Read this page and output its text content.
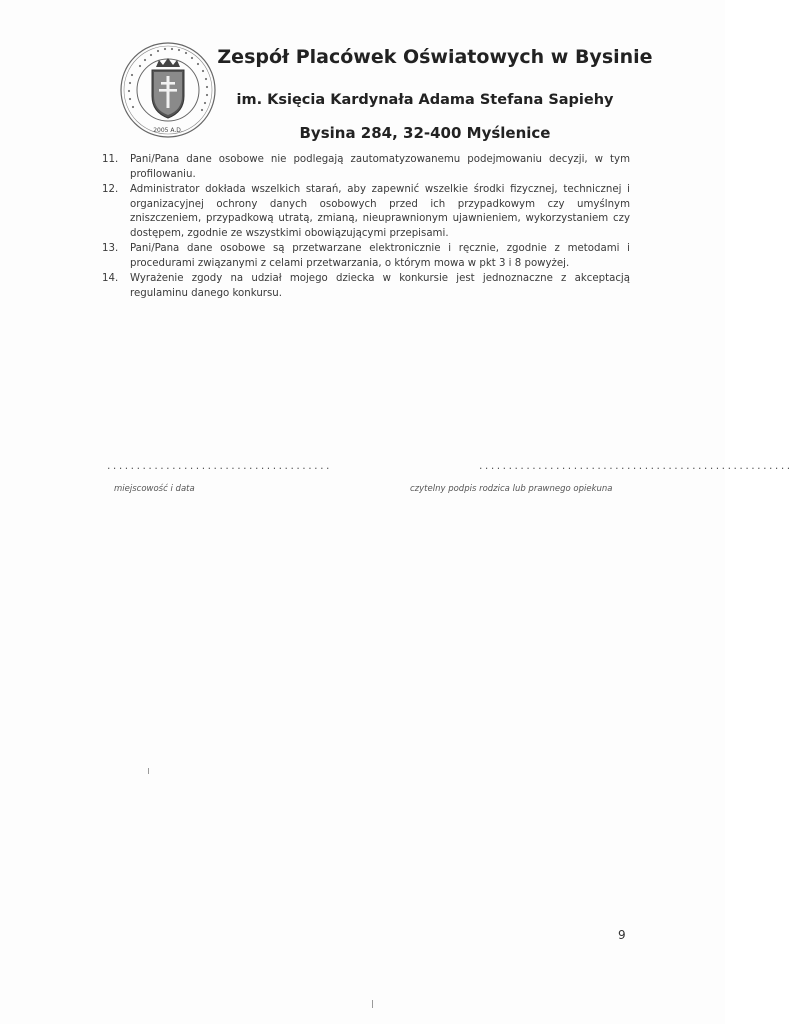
2005 A.D.
Zespół Placówek Oświatowych w Bysinie
im. Księcia Kardynała Adama Stefana Sapiehy
Bysina 284, 32-400 Myślenice
11.	Pani/Pana dane osobowe nie podlegają zautomatyzowanemu podejmowaniu decyzji, w tym profilowaniu.
12.	Administrator dokłada wszelkich starań, aby zapewnić wszelkie środki fizycznej, technicznej i organizacyjnej ochrony danych osobowych przed ich przypadkowym czy umyślnym zniszczeniem, przypadkową utratą, zmianą, nieuprawnionym ujawnieniem, wykorzystaniem czy dostępem, zgodnie ze wszystkimi obowiązującymi przepisami.
13.	Pani/Pana dane osobowe są przetwarzane elektronicznie i ręcznie, zgodnie z metodami i procedurami związanymi z celami przetwarzania, o którym mowa w pkt 3 i 8 powyżej.
14.	Wyrażenie zgody na udział mojego dziecka w konkursie jest jednoznaczne z akceptacją regulaminu danego konkursu.
......................................	.....................................................
miejscowość i data	czytelny podpis rodzica lub prawnego opiekuna
9
